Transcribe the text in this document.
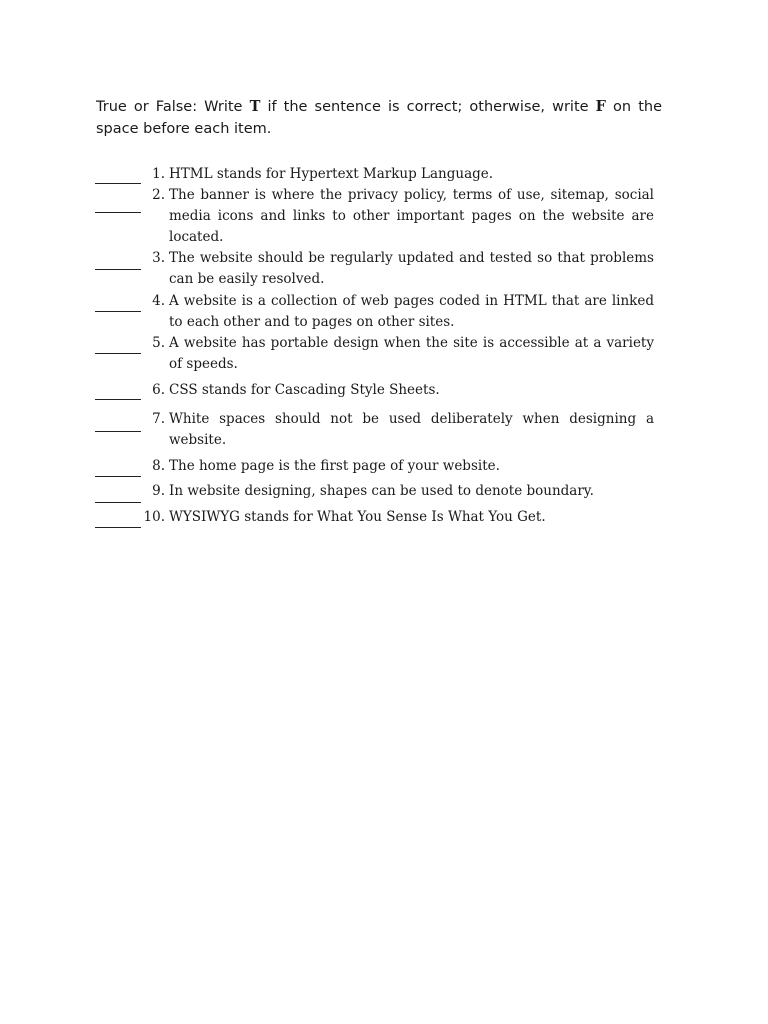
True or False: Write T if the sentence is correct; otherwise, write F on the space before each item.
1. HTML stands for Hypertext Markup Language.
2. The banner is where the privacy policy, terms of use, sitemap, social media icons and links to other important pages on the website are located.
3. The website should be regularly updated and tested so that problems can be easily resolved.
4. A website is a collection of web pages coded in HTML that are linked to each other and to pages on other sites.
5. A website has portable design when the site is accessible at a variety of speeds.
6. CSS stands for Cascading Style Sheets.
7. White spaces should not be used deliberately when designing a website.
8. The home page is the first page of your website.
9. In website designing, shapes can be used to denote boundary.
10. WYSIWYG stands for What You Sense Is What You Get.
